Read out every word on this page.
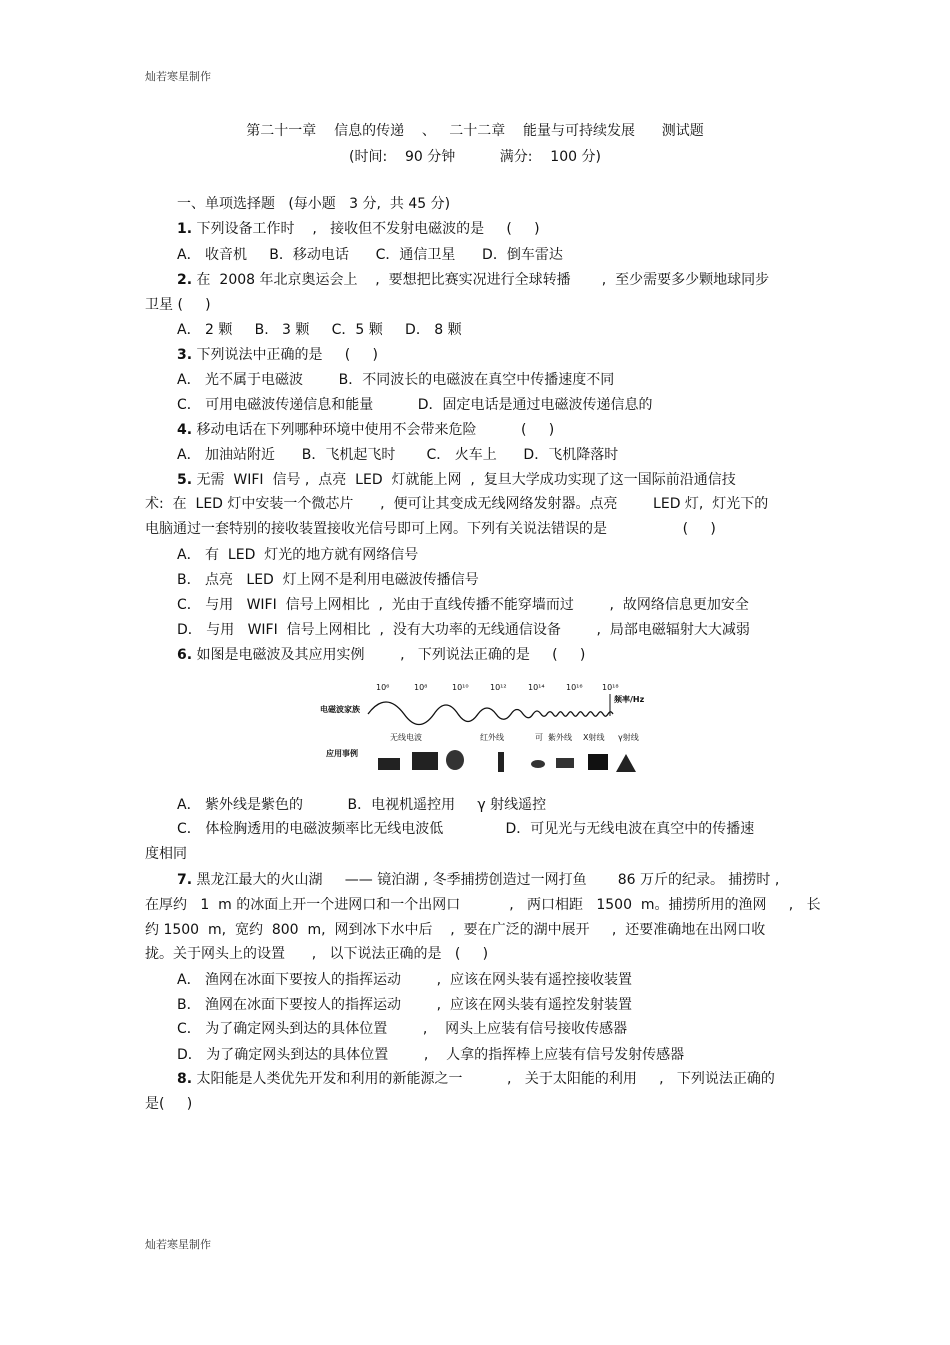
灿若寒星制作
第二十一章    信息的传递    、   二十二章    能量与可持续发展      测试题
(时间:    90 分钟          满分:    100 分)
一、单项选择题   (每小题   3 分,  共 45 分)
1. 下列设备工作时    ,   接收但不发射电磁波的是     (     )
A． 收音机     B．移动电话      C．通信卫星      D．倒车雷达
2. 在  2008 年北京奥运会上    ,  要想把比赛实况进行全球转播       ,  至少需要多少颗地球同步
卫星 (     )
A． 2 颗     B.   3 颗     C．5 颗     D． 8 颗
3. 下列说法中正确的是     (     )
A． 光不属于电磁波        B．不同波长的电磁波在真空中传播速度不同
C． 可用电磁波传递信息和能量          D．固定电话是通过电磁波传递信息的
4. 移动电话在下列哪种环境中使用不会带来危险          (     )
A． 加油站附近      B．飞机起飞时       C． 火车上      D．飞机降落时
5. 无需  WIFI  信号 ,  点亮  LED  灯就能上网  ,  复旦大学成功实现了这一国际前沿通信技
术:  在  LED 灯中安装一个微芯片      ,  便可让其变成无线网络发射器。点亮        LED 灯,  灯光下的
电脑通过一套特别的接收装置接收光信号即可上网。下列有关说法错误的是                 (     )
A． 有  LED  灯光的地方就有网络信号
B． 点亮   LED  灯上网不是利用电磁波传播信号
C． 与用   WIFI  信号上网相比  ,  光由于直线传播不能穿墙而过        ,  故网络信息更加安全
D． 与用   WIFI  信号上网相比  ,  没有大功率的无线通信设备        ,  局部电磁辐射大大减弱
6. 如图是电磁波及其应用实例        ,   下列说法正确的是     (     )
10⁶	10⁸	10¹⁰	10¹²	10¹⁴	10¹⁶ 10¹⁸
频率/Hz
电磁波家族
无线电波	红外线	可 紫外线 X射线 γ射线
应用事例
A． 紫外线是紫色的          B．电视机遥控用     γ 射线遥控
C． 体检胸透用的电磁波频率比无线电波低              D．可见光与无线电波在真空中的传播速
度相同
7. 黑龙江最大的火山湖     —— 镜泊湖 , 冬季捕捞创造过一网打鱼       86 万斤的纪录。 捕捞时 ,
在厚约   1  m 的冰面上开一个进网口和一个出网口           ,   两口相距   1500  m。捕捞所用的渔网     ,   长
约 1500  m,  宽约  800  m,  网到冰下水中后    ,  要在广泛的湖中展开     ,  还要准确地在出网口收
拢。关于网头上的设置      ,   以下说法正确的是   (     )
A． 渔网在冰面下要按人的指挥运动        ,  应该在网头装有遥控接收装置
B． 渔网在冰面下要按人的指挥运动        ,  应该在网头装有遥控发射装置
C． 为了确定网头到达的具体位置        ,    网头上应装有信号接收传感器
D． 为了确定网头到达的具体位置        ,    人拿的指挥棒上应装有信号发射传感器
8. 太阳能是人类优先开发和利用的新能源之一          ,   关于太阳能的利用     ,   下列说法正确的
是(     )
灿若寒星制作
